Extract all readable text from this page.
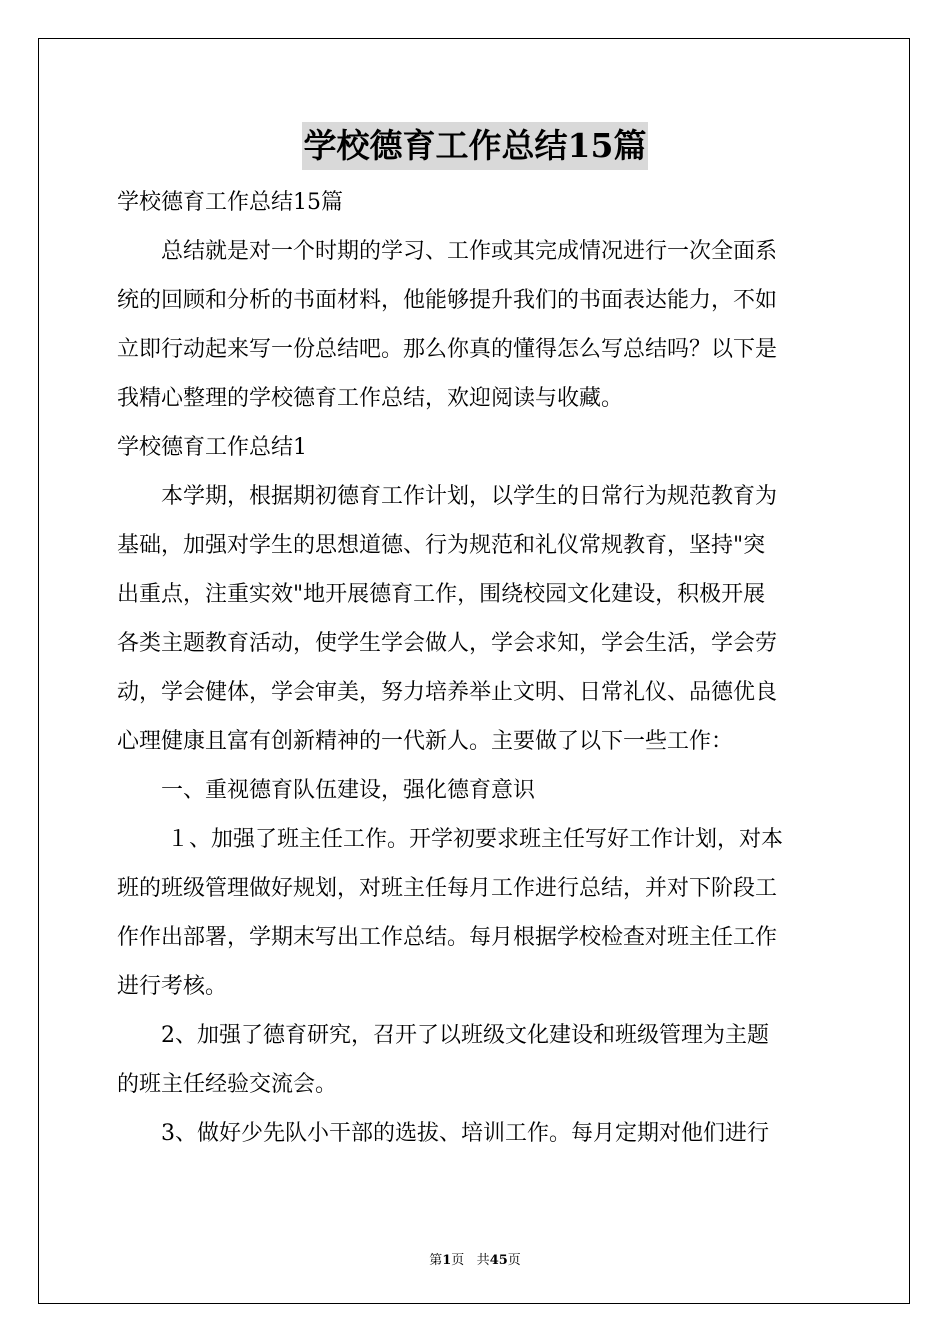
学校德育工作总结15篇

学校德育工作总结15篇

总结就是对一个时期的学习、工作或其完成情况进行一次全面系

统的回顾和分析的书面材料，他能够提升我们的书面表达能力，不如

立即行动起来写一份总结吧。那么你真的懂得怎么写总结吗？以下是

我精心整理的学校德育工作总结，欢迎阅读与收藏。

学校德育工作总结1

本学期，根据期初德育工作计划，以学生的日常行为规范教育为

基础，加强对学生的思想道德、行为规范和礼仪常规教育，坚持"突

出重点，注重实效"地开展德育工作，围绕校园文化建设，积极开展

各类主题教育活动，使学生学会做人，学会求知，学会生活，学会劳

动，学会健体，学会审美，努力培养举止文明、日常礼仪、品德优良

心理健康且富有创新精神的一代新人。主要做了以下一些工作：

一、重视德育队伍建设，强化德育意识

１、加强了班主任工作。开学初要求班主任写好工作计划，对本

班的班级管理做好规划，对班主任每月工作进行总结，并对下阶段工

作作出部署，学期末写出工作总结。每月根据学校检查对班主任工作

进行考核。

2、加强了德育研究，召开了以班级文化建设和班级管理为主题

的班主任经验交流会。

3、做好少先队小干部的选拔、培训工作。每月定期对他们进行

第1页 共45页
